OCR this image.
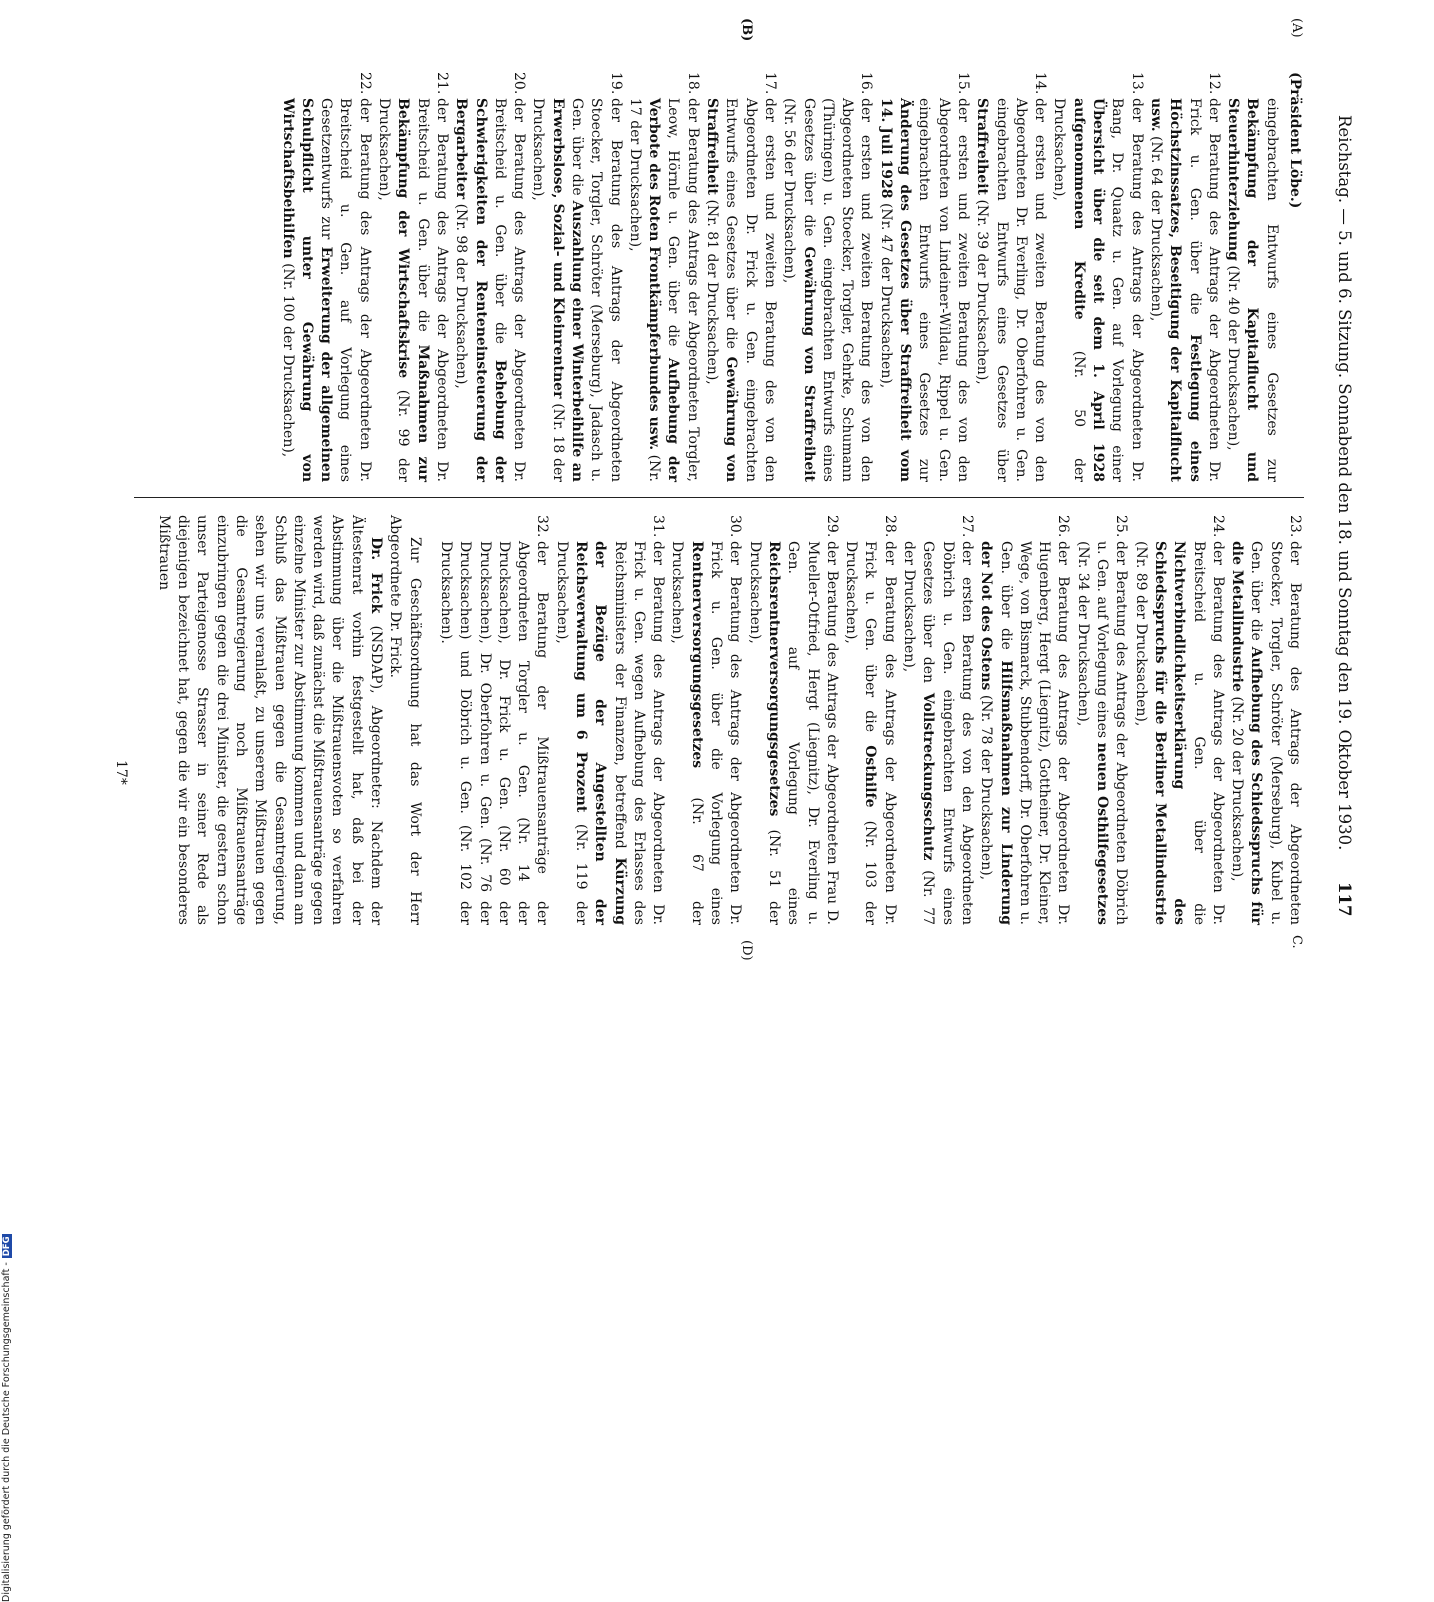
Reichstag. — 5. und 6. Sitzung. Sonnabend den 18. und Sonntag den 19. Oktober 1930.
117
(A)
(B)
C.
(D)

(Präsident Löbe.)

eingebrachten Entwurfs eines Gesetzes zur Bekämpfung der Kapitalflucht und Steuerhinterziehung (Nr. 40 der Drucksachen),

12.
der Beratung des Antrags der Abgeordneten Dr. Frick u. Gen. über die Festlegung eines Höchstzinssatzes, Beseitigung der Kapitalflucht usw. (Nr. 64 der Drucksachen),

13.
der Beratung des Antrags der Abgeordneten Dr. Bang, Dr. Quaatz u. Gen. auf Vorlegung einer Übersicht über die seit dem 1. April 1928 aufgenommenen Kredite (Nr. 50 der Drucksachen),

14.
der ersten und zweiten Beratung des von den Abgeordneten Dr. Everling, Dr. Oberfohren u. Gen. eingebrachten Entwurfs eines Gesetzes über Straffreiheit (Nr. 39 der Drucksachen),

15.
der ersten und zweiten Beratung des von den Abgeordneten von Lindeiner-Wildau, Rippel u. Gen. eingebrachten Entwurfs eines Gesetzes zur Änderung des Gesetzes über Straffreiheit vom 14. Juli 1928 (Nr. 47 der Drucksachen),

16.
der ersten und zweiten Beratung des von den Abgeordneten Stoecker, Torgler, Gehrke, Schumann (Thüringen) u. Gen. eingebrachten Entwurfs eines Gesetzes über die Gewährung von Straffreiheit (Nr. 56 der Drucksachen),

17.
der ersten und zweiten Beratung des von den Abgeordneten Dr. Frick u. Gen. eingebrachten Entwurfs eines Gesetzes über die Gewährung von Straffreiheit (Nr. 81 der Drucksachen),

18.
der Beratung des Antrags der Abgeordneten Torgler, Leow, Hörnle u. Gen. über die Aufhebung der Verbote des Roten Frontkämpferbundes usw. (Nr. 17 der Drucksachen),

19.
der Beratung des Antrags der Abgeordneten Stoecker, Torgler, Schröter (Merseburg), Jadasch u. Gen. über die Auszahlung einer Winterbeihilfe an Erwerbslose, Sozial- und Kleinrentner (Nr. 18 der Drucksachen),

20.
der Beratung des Antrags der Abgeordneten Dr. Breitscheid u. Gen. über die Behebung der Schwierigkeiten der Renteneinsteuerung der Bergarbeiter (Nr. 98 der Drucksachen),

21.
der Beratung des Antrags der Abgeordneten Dr. Breitscheid u. Gen. über die Maßnahmen zur Bekämpfung der Wirtschaftskrise (Nr. 99 der Drucksachen),

22.
der Beratung des Antrags der Abgeordneten Dr. Breitscheid u. Gen. auf Vorlegung eines Gesetzentwurfs zur Erweiterung der allgemeinen Schulpflicht unter Gewährung von Wirtschaftsbeihilfen (Nr. 100 der Drucksachen),

23.
der Beratung des Antrags der Abgeordneten Stoecker, Torgler, Schröter (Merseburg), Kubel u. Gen. über die Aufhebung des Schiedsspruchs für die Metallindustrie (Nr. 20 der Drucksachen),

24.
der Beratung des Antrags der Abgeordneten Dr. Breitscheid u. Gen. über die Nichtverbindlichkeitserklärung des Schiedsspruchs für die Berliner Metallindustrie (Nr. 89 der Drucksachen),

25.
der Beratung des Antrags der Abgeordneten Döbrich u. Gen. auf Vorlegung eines neuen Osthilfegesetzes (Nr. 34 der Drucksachen),

26.
der Beratung des Antrags der Abgeordneten Dr. Hugenberg, Hergt (Liegnitz), Gottheiner, Dr. Kleiner, Wege, von Bismarck, Stubbendorff, Dr. Oberfohren u. Gen. über die Hilfsmaßnahmen zur Linderung der Not des Ostens (Nr. 78 der Drucksachen),

27.
der ersten Beratung des von den Abgeordneten Döbrich u. Gen. eingebrachten Entwurfs eines Gesetzes über den Vollstreckungsschutz (Nr. 77 der Drucksachen),

28.
der Beratung des Antrags der Abgeordneten Dr. Frick u. Gen. über die Osthilfe (Nr. 103 der Drucksachen),

29.
der Beratung des Antrags der Abgeordneten Frau D. Mueller-Otfried, Hergt (Liegnitz), Dr. Everling u. Gen. auf Vorlegung eines Reichsrentnerversorgungsgesetzes (Nr. 51 der Drucksachen),

30.
der Beratung des Antrags der Abgeordneten Dr. Frick u. Gen. über die Vorlegung eines Rentnerversorgungsgesetzes (Nr. 67 der Drucksachen),

31.
der Beratung des Antrags der Abgeordneten Dr. Frick u. Gen. wegen Aufhebung des Erlasses des Reichsministers der Finanzen, betreffend Kürzung der Bezüge der Angestellten der Reichsverwaltung um 6 Prozent (Nr. 119 der Drucksachen),

32.
der Beratung der Mißtrauensanträge der Abgeordneten Torgler u. Gen. (Nr. 14 der Drucksachen), Dr. Frick u. Gen. (Nr. 60 der Drucksachen), Dr. Oberfohren u. Gen. (Nr. 76 der Drucksachen) und Döbrich u. Gen. (Nr. 102 der Drucksachen).

Zur Geschäftsordnung hat das Wort der Herr Abgeordnete Dr. Frick.

Dr. Frick (NSDAP), Abgeordneter: Nachdem der Ältestenrat vorhin festgestellt hat, daß bei der Abstimmung über die Mißtrauensvoten so verfahren werden wird, daß zunächst die Mißtrauensanträge gegen einzelne Minister zur Abstimmung kommen und dann am Schluß das Mißtrauen gegen die Gesamtregierung, sehen wir uns veranlaßt, zu unserem Mißtrauen gegen die Gesamtregierung noch Mißtrauensanträge einzubringen gegen die drei Minister, die gestern schon unser Parteigenosse Strasser in seiner Rede als diejenigen bezeichnet hat, gegen die wir ein besonderes Mißtrauen

17*
Digitalisierung gefördert durch die Deutsche Forschungsgemeinschaft -DFG
